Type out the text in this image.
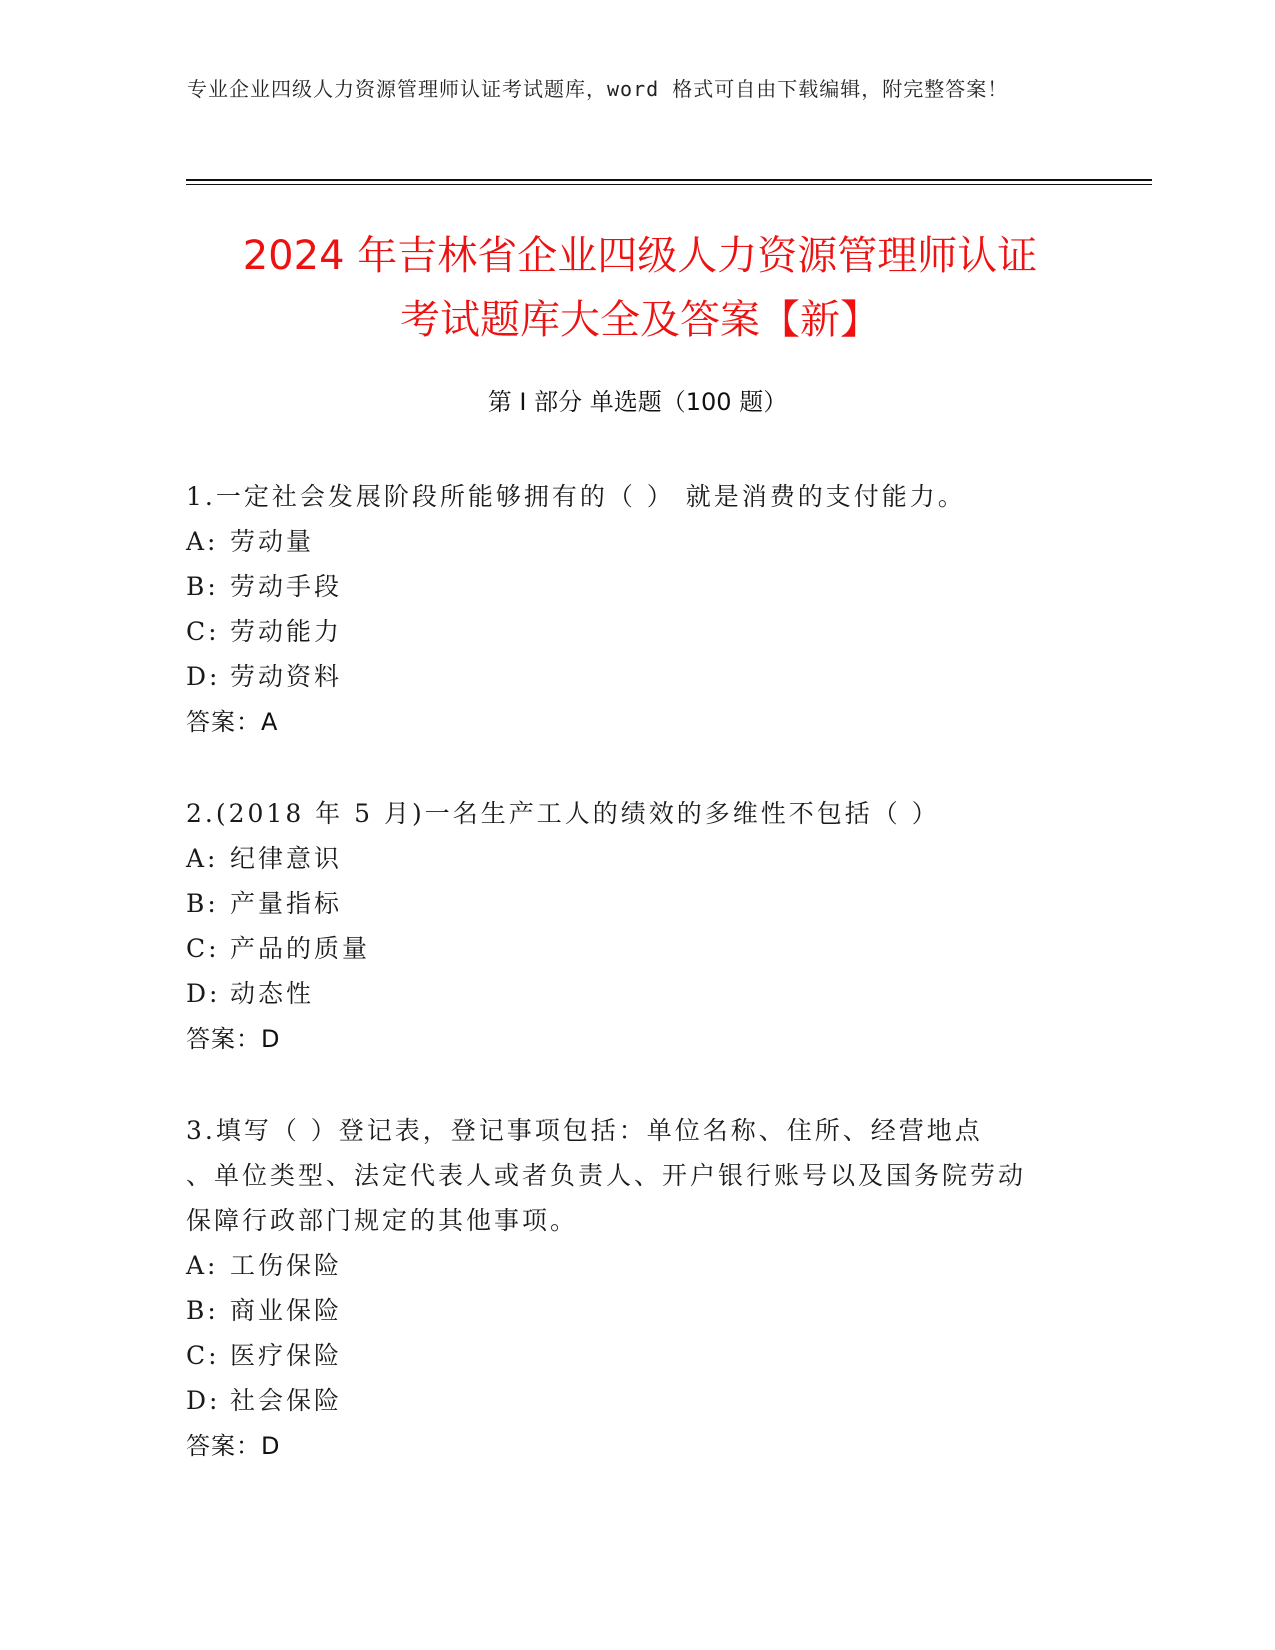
专业企业四级人力资源管理师认证考试题库，word 格式可自由下载编辑，附完整答案！
2024 年吉林省企业四级人力资源管理师认证
考试题库大全及答案【新】
第 I 部分 单选题（100 题）
1.一定社会发展阶段所能够拥有的（ ） 就是消费的支付能力。
A: 劳动量
B: 劳动手段
C: 劳动能力
D: 劳动资料
答案：A
2.(2018 年 5 月)一名生产工人的绩效的多维性不包括（ ）
A: 纪律意识
B: 产量指标
C: 产品的质量
D: 动态性
答案：D
3.填写（ ）登记表，登记事项包括：单位名称、住所、经营地点
、单位类型、法定代表人或者负责人、开户银行账号以及国务院劳动
保障行政部门规定的其他事项。
A: 工伤保险
B: 商业保险
C: 医疗保险
D: 社会保险
答案：D
